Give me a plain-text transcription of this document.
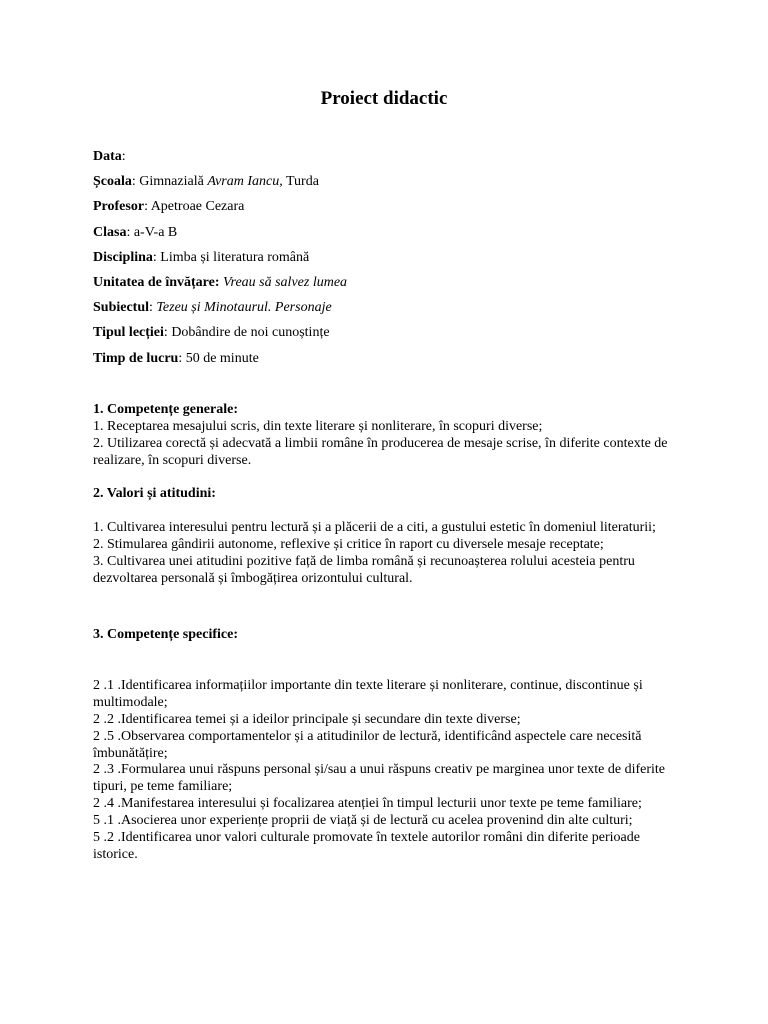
Proiect didactic
Data:
Școala: Gimnazială Avram Iancu, Turda
Profesor: Apetroae Cezara
Clasa: a-V-a B
Disciplina: Limba și literatura română
Unitatea de învățare: Vreau să salvez lumea
Subiectul: Tezeu și Minotaurul. Personaje
Tipul lecției: Dobândire de noi cunoștințe
Timp de lucru: 50 de minute
1. Competențe generale:

1. Receptarea mesajului scris, din texte literare și nonliterare, în scopuri diverse;

2. Utilizarea corectă și adecvată a limbii române în producerea de mesaje scrise, în diferite contexte de realizare, în scopuri diverse.

2. Valori și atitudini:

1. Cultivarea interesului pentru lectură și a plăcerii de a citi, a gustului estetic în domeniul literaturii;

2. Stimularea gândirii autonome, reflexive și critice în raport cu diversele mesaje receptate;

3. Cultivarea unei atitudini pozitive față de limba română și recunoașterea rolului acesteia pentru dezvoltarea personală și îmbogățirea orizontului cultural.

3. Competențe specifice:

2 .1 .Identificarea informațiilor importante din texte literare și nonliterare, continue, discontinue și multimodale;

2 .2 .Identificarea temei și a ideilor principale și secundare din texte diverse;

2 .5 .Observarea comportamentelor și a atitudinilor de lectură, identificând aspectele care necesită îmbunătățire;

2 .3 .Formularea unui răspuns personal și/sau a unui răspuns creativ pe marginea unor texte de diferite tipuri, pe teme familiare;

2 .4 .Manifestarea interesului și focalizarea atenției în timpul lecturii unor texte pe teme familiare;

5 .1 .Asocierea unor experiențe proprii de viață și de lectură cu acelea provenind din alte culturi;

5 .2 .Identificarea unor valori culturale promovate în textele autorilor români din diferite perioade istorice.
